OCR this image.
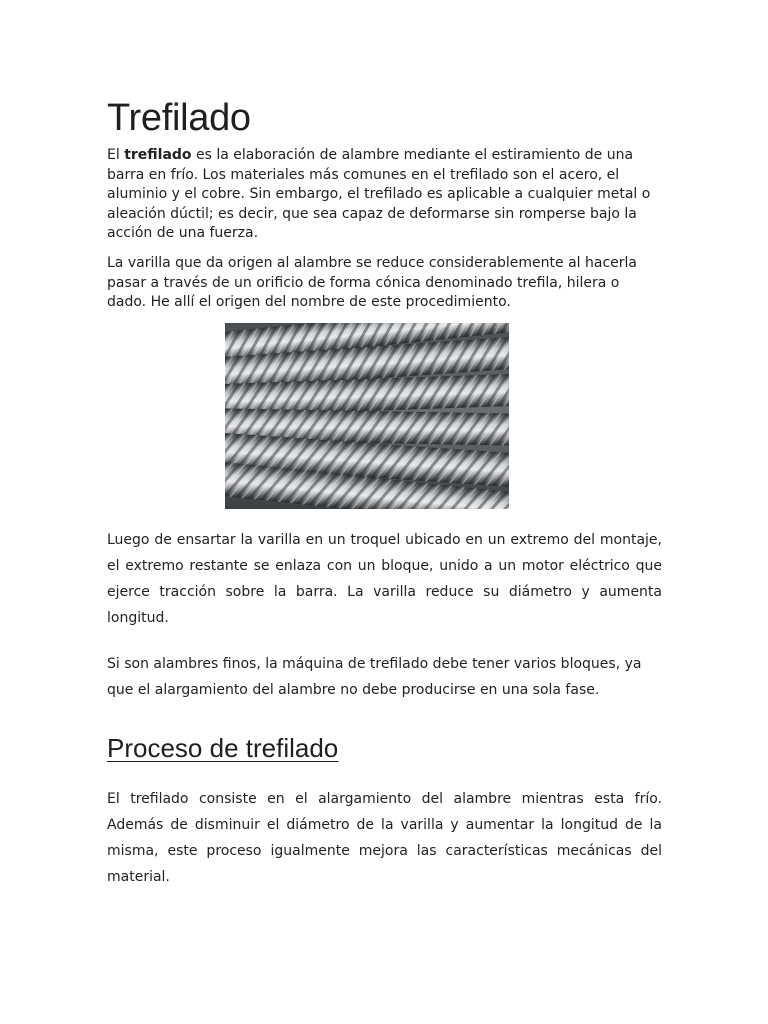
Trefilado

El trefilado es la elaboración de alambre mediante el estiramiento de una barra en frío. Los materiales más comunes en el trefilado son el acero, el aluminio y el cobre. Sin embargo, el trefilado es aplicable a cualquier metal o aleación dúctil; es decir, que sea capaz de deformarse sin romperse bajo la acción de una fuerza.

La varilla que da origen al alambre se reduce considerablemente al hacerla pasar a través de un orificio de forma cónica denominado trefila, hilera o dado. He allí el origen del nombre de este procedimiento.

Luego de ensartar la varilla en un troquel ubicado en un extremo del montaje, el extremo restante se enlaza con un bloque, unido a un motor eléctrico que ejerce tracción sobre la barra. La varilla reduce su diámetro y aumenta longitud.

Si son alambres finos, la máquina de trefilado debe tener varios bloques, ya que el alargamiento del alambre no debe producirse en una sola fase.

Proceso de trefilado

El trefilado consiste en el alargamiento del alambre mientras esta frío. Además de disminuir el diámetro de la varilla y aumentar la longitud de la misma, este proceso igualmente mejora las características mecánicas del material.
